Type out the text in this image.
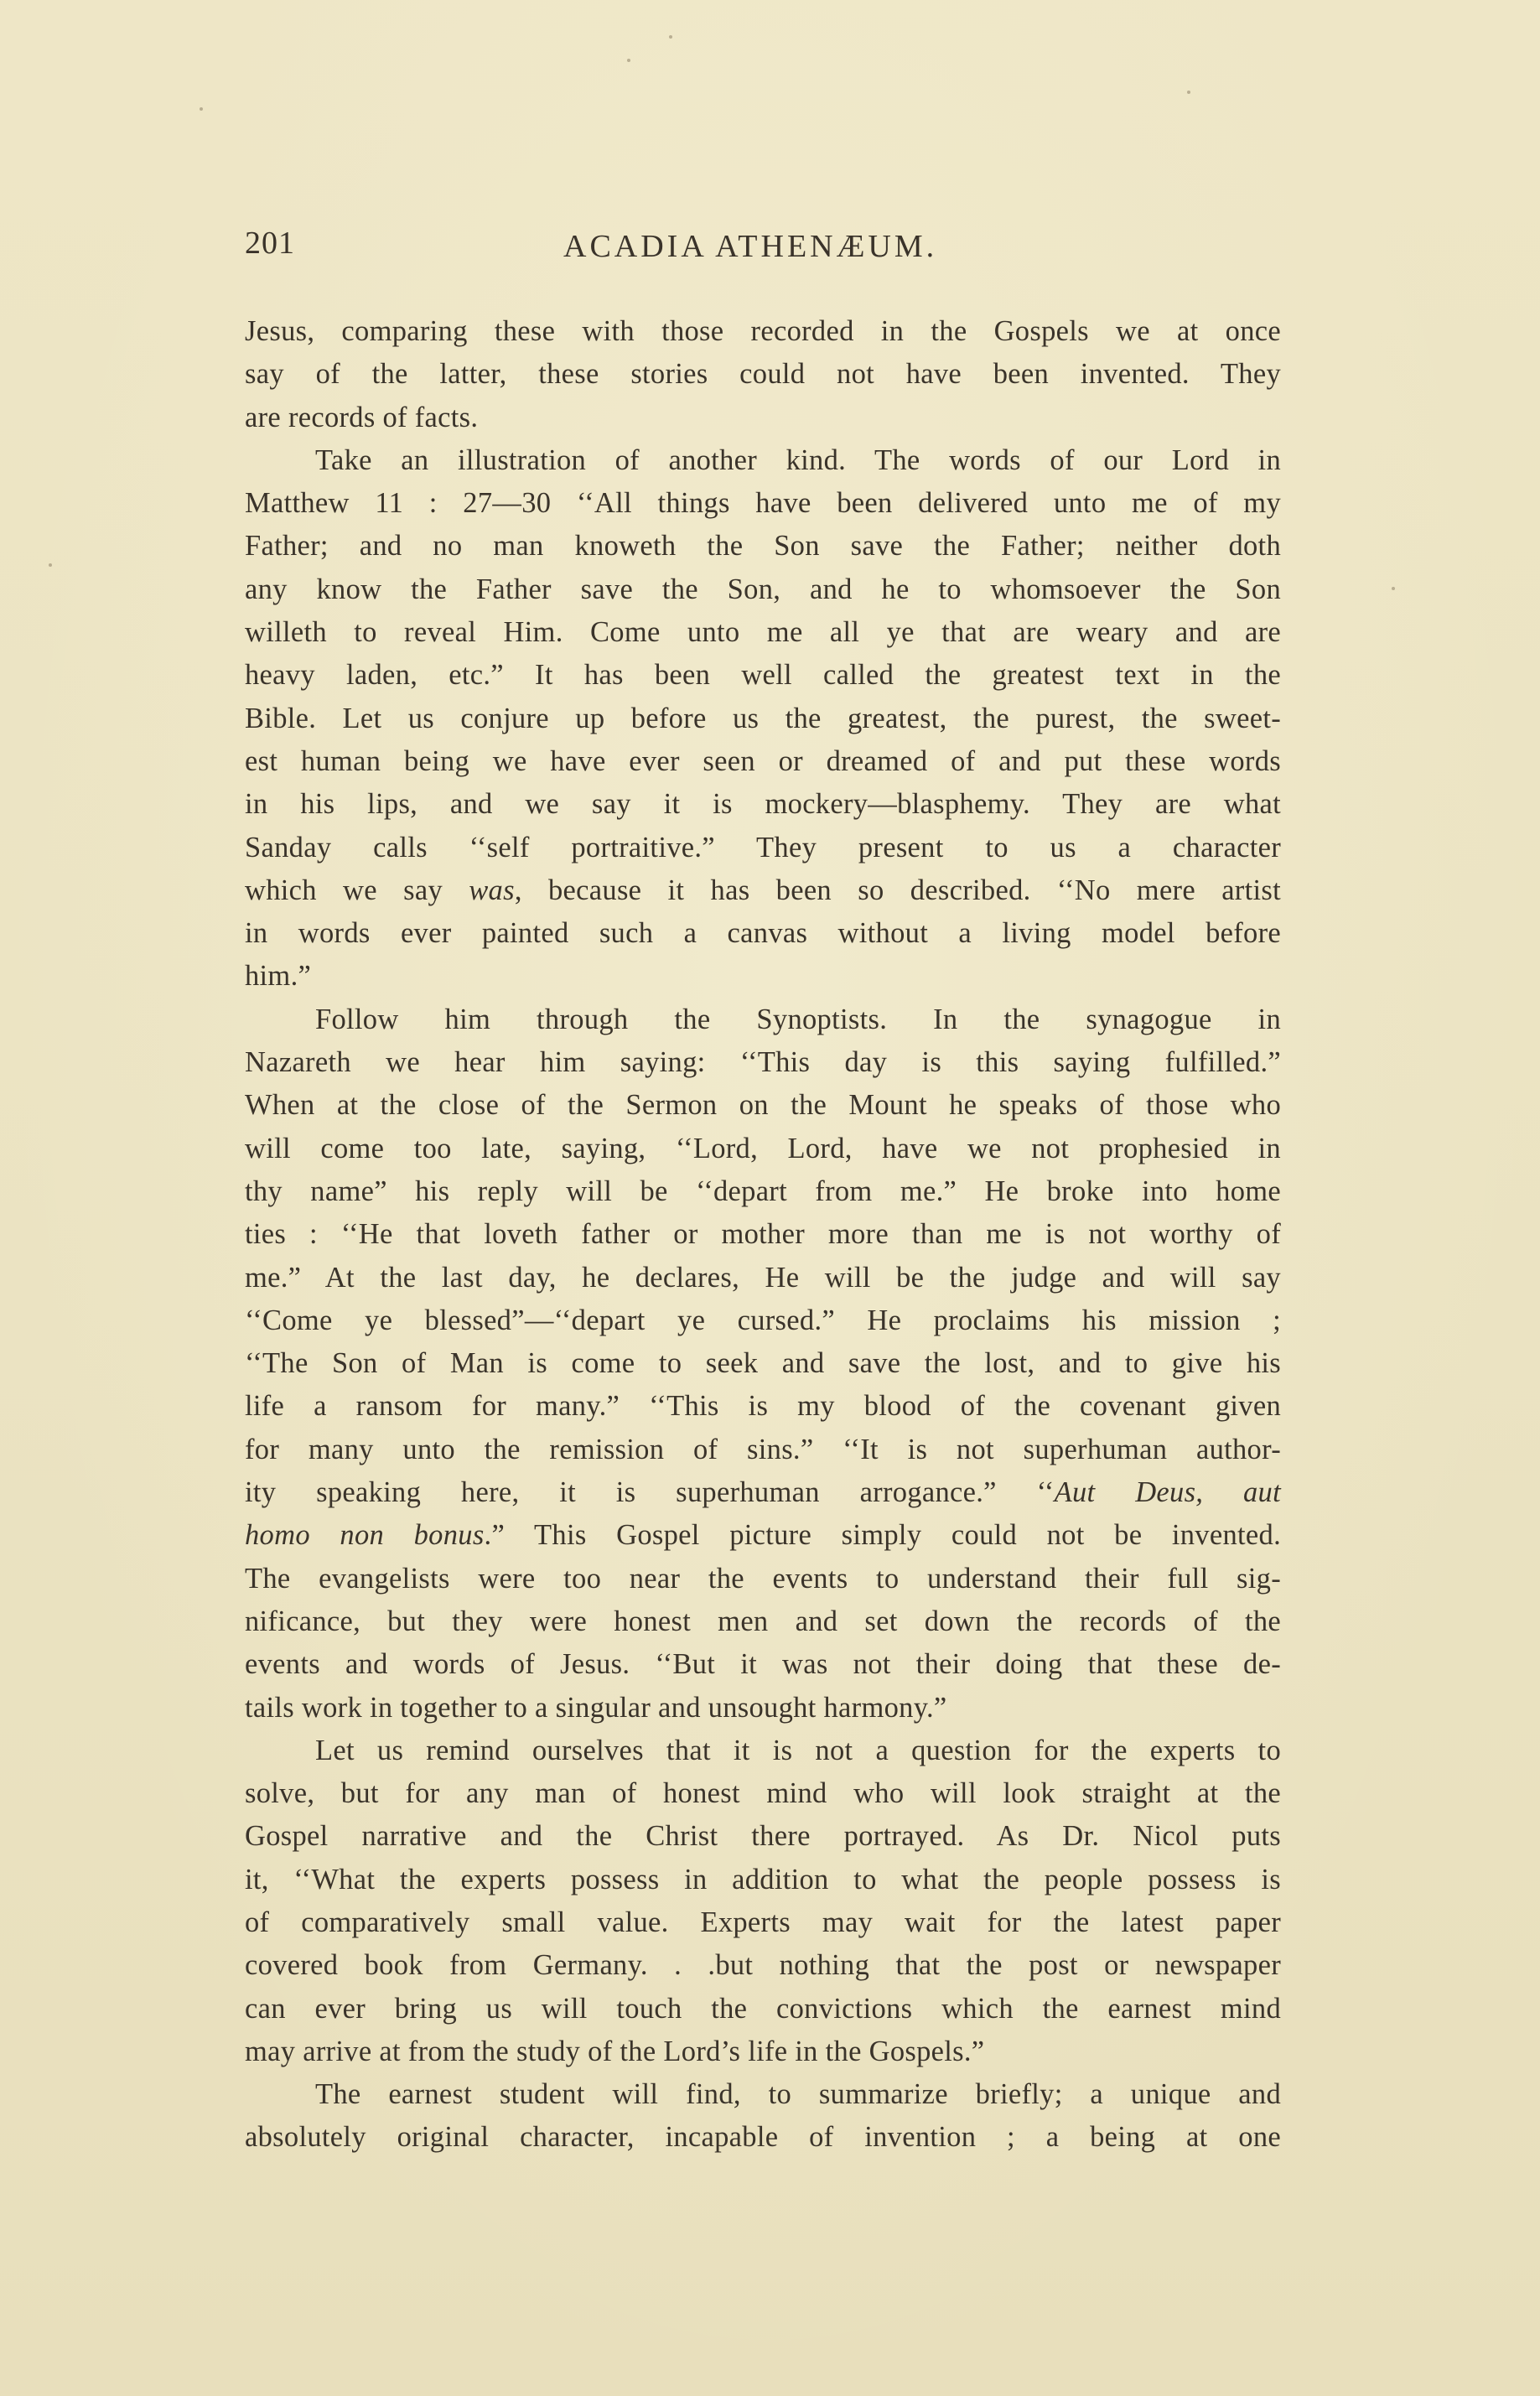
201	ACADIA ATHENÆUM.
Jesus, comparing these with those recorded in the Gospels we at once
say of the latter, these stories could not have been invented. They
are records of facts.
Take an illustration of another kind. The words of our Lord in
Matthew 11 : 27—30 ‘‘All things have been delivered unto me of my
Father; and no man knoweth the Son save the Father; neither doth
any know the Father save the Son, and he to whomsoever the Son
willeth to reveal Him. Come unto me all ye that are weary and are
heavy laden, etc.” It has been well called the greatest text in the
Bible. Let us conjure up before us the greatest, the purest, the sweet-
est human being we have ever seen or dreamed of and put these words
in his lips, and we say it is mockery—blasphemy. They are what
Sanday calls ‘‘self portraitive.” They present to us a character
which we say was, because it has been so described. ‘‘No mere artist
in words ever painted such a canvas without a living model before
him.”
Follow him through the Synoptists. In the synagogue in
Nazareth we hear him saying: ‘‘This day is this saying fulfilled.”
When at the close of the Sermon on the Mount he speaks of those who
will come too late, saying, ‘‘Lord, Lord, have we not prophesied in
thy name” his reply will be ‘‘depart from me.” He broke into home
ties : ‘‘He that loveth father or mother more than me is not worthy of
me.” At the last day, he declares, He will be the judge and will say
‘‘Come ye blessed”—‘‘depart ye cursed.” He proclaims his mission ;
‘‘The Son of Man is come to seek and save the lost, and to give his
life a ransom for many.” ‘‘This is my blood of the covenant given
for many unto the remission of sins.” ‘‘It is not superhuman author-
ity speaking here, it is superhuman arrogance.” ‘‘Aut Deus, aut
homo non bonus.” This Gospel picture simply could not be invented.
The evangelists were too near the events to understand their full sig-
nificance, but they were honest men and set down the records of the
events and words of Jesus. ‘‘But it was not their doing that these de-
tails work in together to a singular and unsought harmony.”
Let us remind ourselves that it is not a question for the experts to
solve, but for any man of honest mind who will look straight at the
Gospel narrative and the Christ there portrayed. As Dr. Nicol puts
it, ‘‘What the experts possess in addition to what the people possess is
of comparatively small value. Experts may wait for the latest paper
covered book from Germany. . .but nothing that the post or newspaper
can ever bring us will touch the convictions which the earnest mind
may arrive at from the study of the Lord’s life in the Gospels.”
The earnest student will find, to summarize briefly; a unique and
absolutely original character, incapable of invention ; a being at one
